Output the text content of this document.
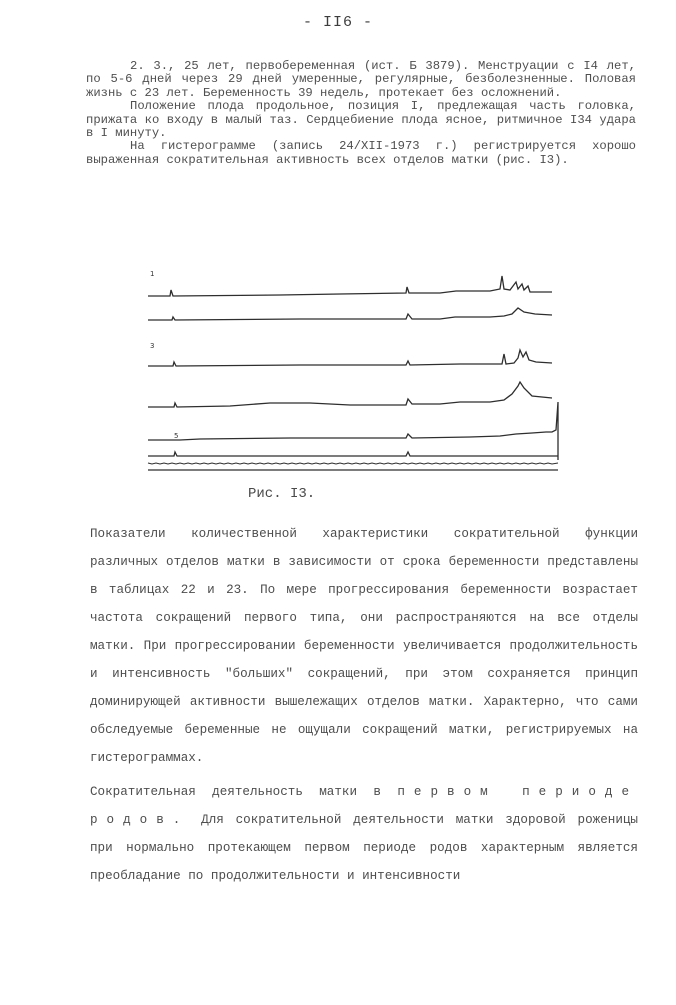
- II6 -

2. 3., 25 лет, первобеременная (ист. Б 3879). Менструации с I4 лет, по 5-6 дней через 29 дней умеренные, регулярные, безболезненные. Половая жизнь с 23 лет. Беременность 39 недель, протекает без осложнений.

Положение плода продольное, позиция I, предлежащая часть головка, прижата ко входу в малый таз. Сердцебиение плода ясное, ритмичное I34 удара в I минуту.

На гистерограмме (запись 24/XII-1973 г.) регистрируется хорошо выраженная сократительная активность всех отделов матки (рис. I3).

1
3
5
Рис. I3.

Показатели количественной характеристики сократительной функции различных отделов матки в зависимости от срока беременности представлены в таблицах 22 и 23. По мере прогрессирования беременности возрастает частота сокращений первого типа, они распространяются на все отделы матки. При прогрессировании беременности увеличивается продолжительность и интенсивность "больших" сокращений, при этом сохраняется принцип доминирующей активности вышележащих отделов матки. Характерно, что сами обследуемые беременные не ощущали сокращений матки, регистрируемых на гистерограммах.

Сократительная деятельность матки в первом периоде родов. Для сократительной деятельности матки здоровой роженицы при нормально протекающем первом периоде родов характерным является преобладание по продолжительности и интенсивности
